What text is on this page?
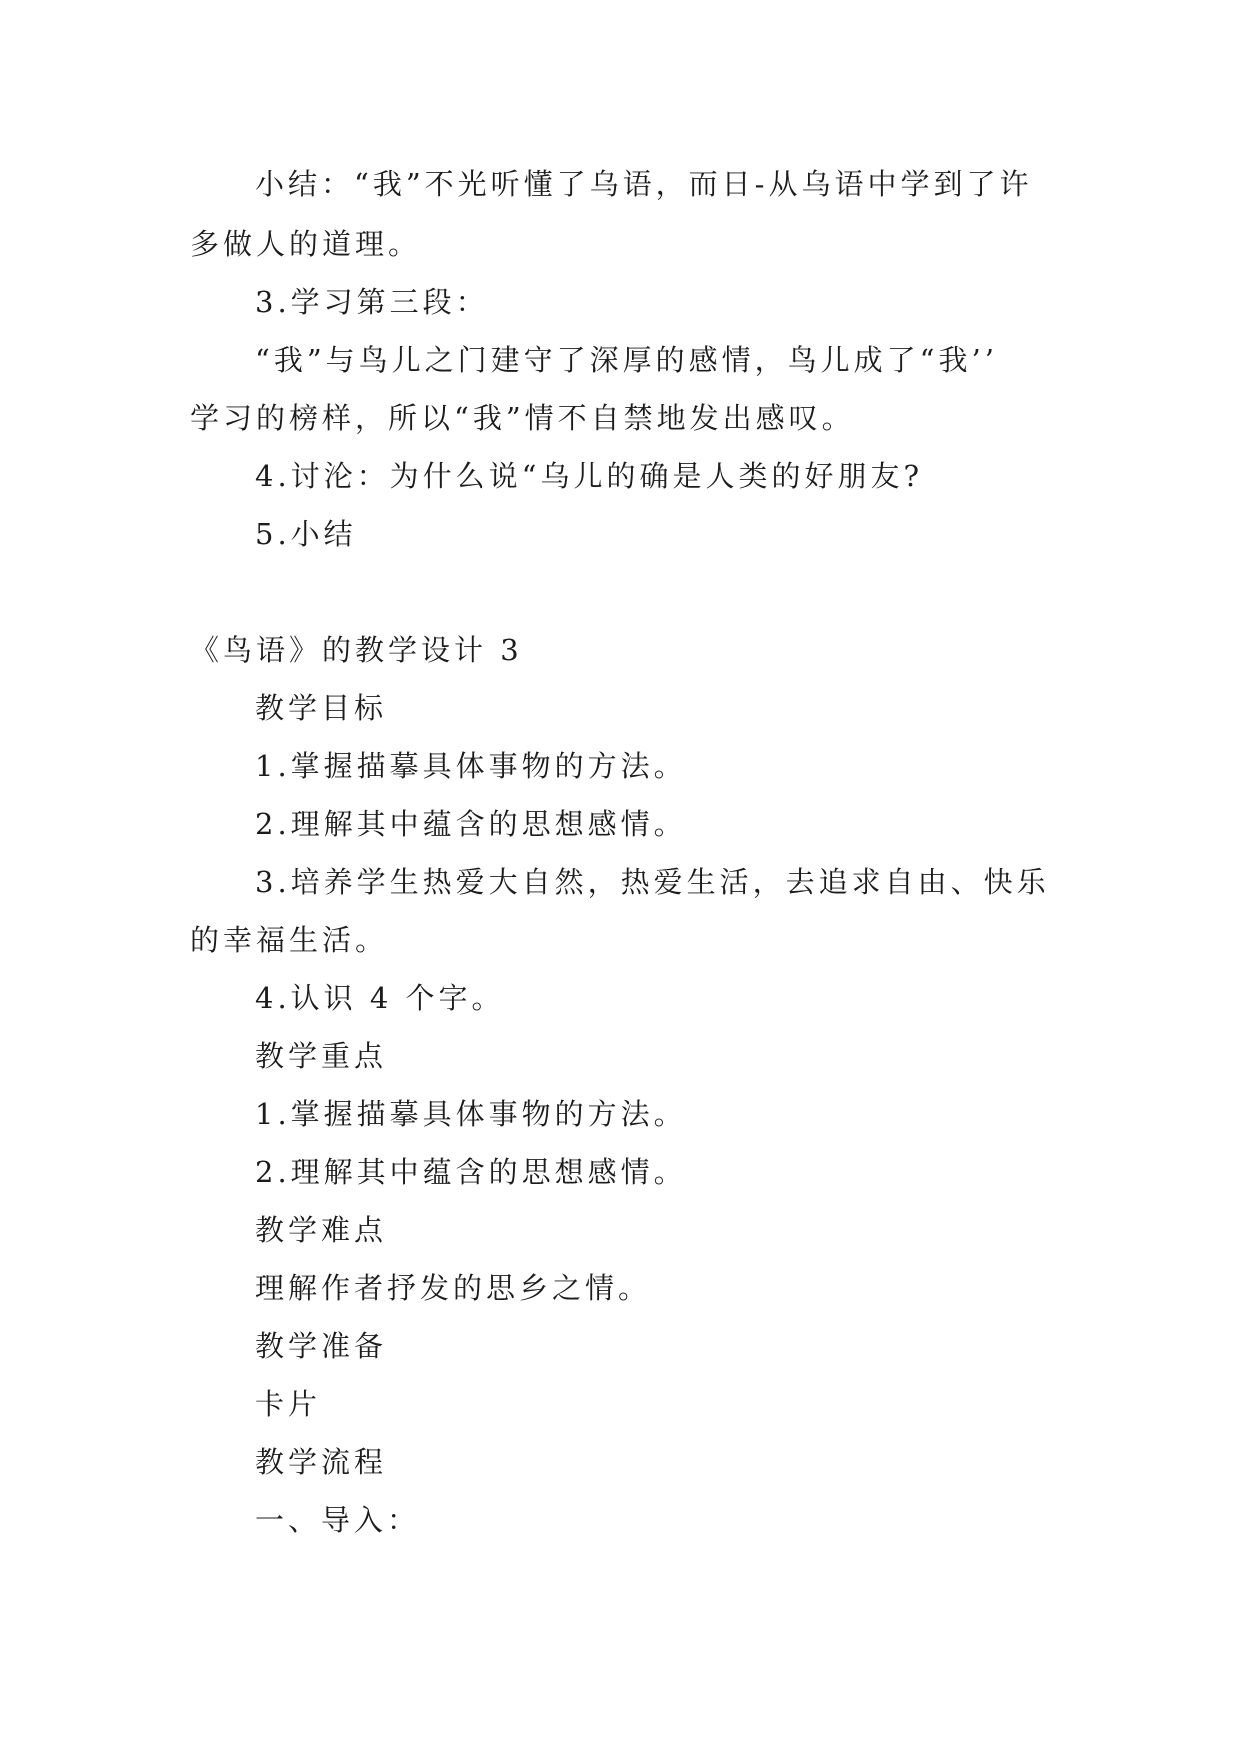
小结：“我”不光听懂了乌语，而日-从乌语中学到了许
多做人的道理。
3.学习第三段：
“我”与鸟儿之门建守了深厚的感情，鸟儿成了“我’’
学习的榜样，所以“我”情不自禁地发出感叹。
4.讨沦：为什么说“乌儿的确是人类的好朋友?
5.小结
《鸟语》的教学设计 3
教学目标
1.掌握描摹具体事物的方法。
2.理解其中蕴含的思想感情。
3.培养学生热爱大自然，热爱生活，去追求自由、快乐
的幸福生活。
4.认识 4 个字。
教学重点
1.掌握描摹具体事物的方法。
2.理解其中蕴含的思想感情。
教学难点
理解作者抒发的思乡之情。
教学准备
卡片
教学流程
一、导入：
